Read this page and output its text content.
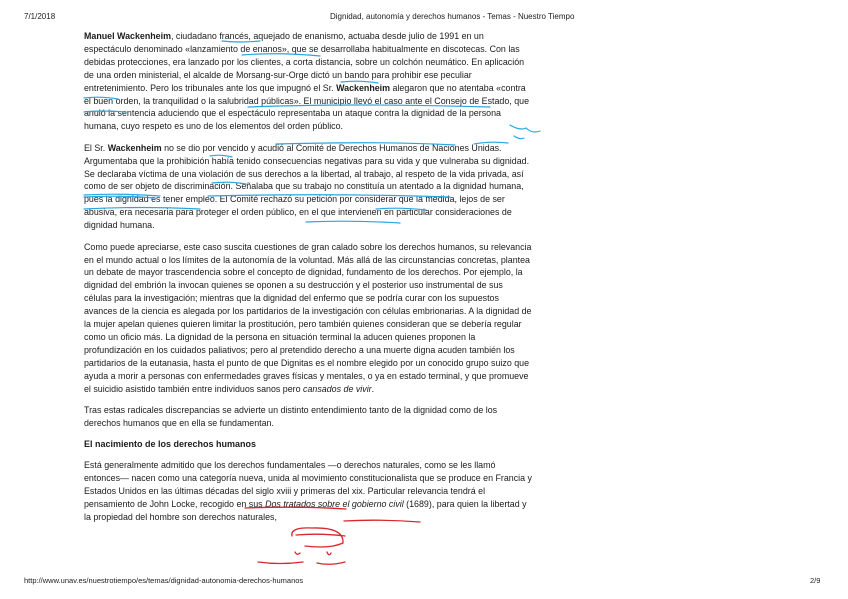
7/1/2018	Dignidad, autonomía y derechos humanos - Temas - Nuestro Tiempo

Manuel Wackenheim, ciudadano francés, aquejado de enanismo, actuaba desde julio de 1991 en un espectáculo denominado «lanzamiento de enanos», que se desarrollaba habitualmente en discotecas. Con las debidas protecciones, era lanzado por los clientes, a corta distancia, sobre un colchón neumático. En aplicación de una orden ministerial, el alcalde de Morsang-sur-Orge dictó un bando para prohibir ese peculiar entretenimiento. Pero los tribunales ante los que impugnó el Sr. Wackenheim alegaron que no atentaba «contra el buen orden, la tranquilidad o la salubridad públicas». El municipio llevó el caso ante el Consejo de Estado, que anuló la sentencia aduciendo que el espectáculo representaba un ataque contra la dignidad de la persona humana, cuyo respeto es uno de los elementos del orden público.

El Sr. Wackenheim no se dio por vencido y acudió al Comité de Derechos Humanos de Naciones Unidas. Argumentaba que la prohibición había tenido consecuencias negativas para su vida y que vulneraba su dignidad. Se declaraba víctima de una violación de sus derechos a la libertad, al trabajo, al respeto de la vida privada, así como de ser objeto de discriminación. Señalaba que su trabajo no constituía un atentado a la dignidad humana, pues la dignidad es tener empleo. El Comité rechazó su petición por considerar que la medida, lejos de ser abusiva, era necesaria para proteger el orden público, en el que intervienen en particular consideraciones de dignidad humana.

Como puede apreciarse, este caso suscita cuestiones de gran calado sobre los derechos humanos, su relevancia en el mundo actual o los límites de la autonomía de la voluntad. Más allá de las circunstancias concretas, plantea un debate de mayor trascendencia sobre el concepto de dignidad, fundamento de los derechos. Por ejemplo, la dignidad del embrión la invocan quienes se oponen a su destrucción y el posterior uso instrumental de sus células para la investigación; mientras que la dignidad del enfermo que se podría curar con los supuestos avances de la ciencia es alegada por los partidarios de la investigación con células embrionarias. A la dignidad de la mujer apelan quienes quieren limitar la prostitución, pero también quienes consideran que se debería regular como un oficio más. La dignidad de la persona en situación terminal la aducen quienes proponen la profundización en los cuidados paliativos; pero al pretendido derecho a una muerte digna acuden también los partidarios de la eutanasia, hasta el punto de que Dignitas es el nombre elegido por un conocido grupo suizo que ayuda a morir a personas con enfermedades graves físicas y mentales, o ya en estado terminal, y que promueve el suicidio asistido también entre individuos sanos pero cansados de vivir.

Tras estas radicales discrepancias se advierte un distinto entendimiento tanto de la dignidad como de los derechos humanos que en ella se fundamentan.

El nacimiento de los derechos humanos

Está generalmente admitido que los derechos fundamentales —o derechos naturales, como se les llamó entonces— nacen como una categoría nueva, unida al movimiento constitucionalista que se produce en Francia y Estados Unidos en las últimas décadas del siglo xviii y primeras del xix. Particular relevancia tendrá el pensamiento de John Locke, recogido en sus Dos tratados sobre el gobierno civil (1689), para quien la libertad y la propiedad del hombre son derechos naturales,

http://www.unav.es/nuestrotiempo/es/temas/dignidad-autonomia-derechos-humanos	2/9
